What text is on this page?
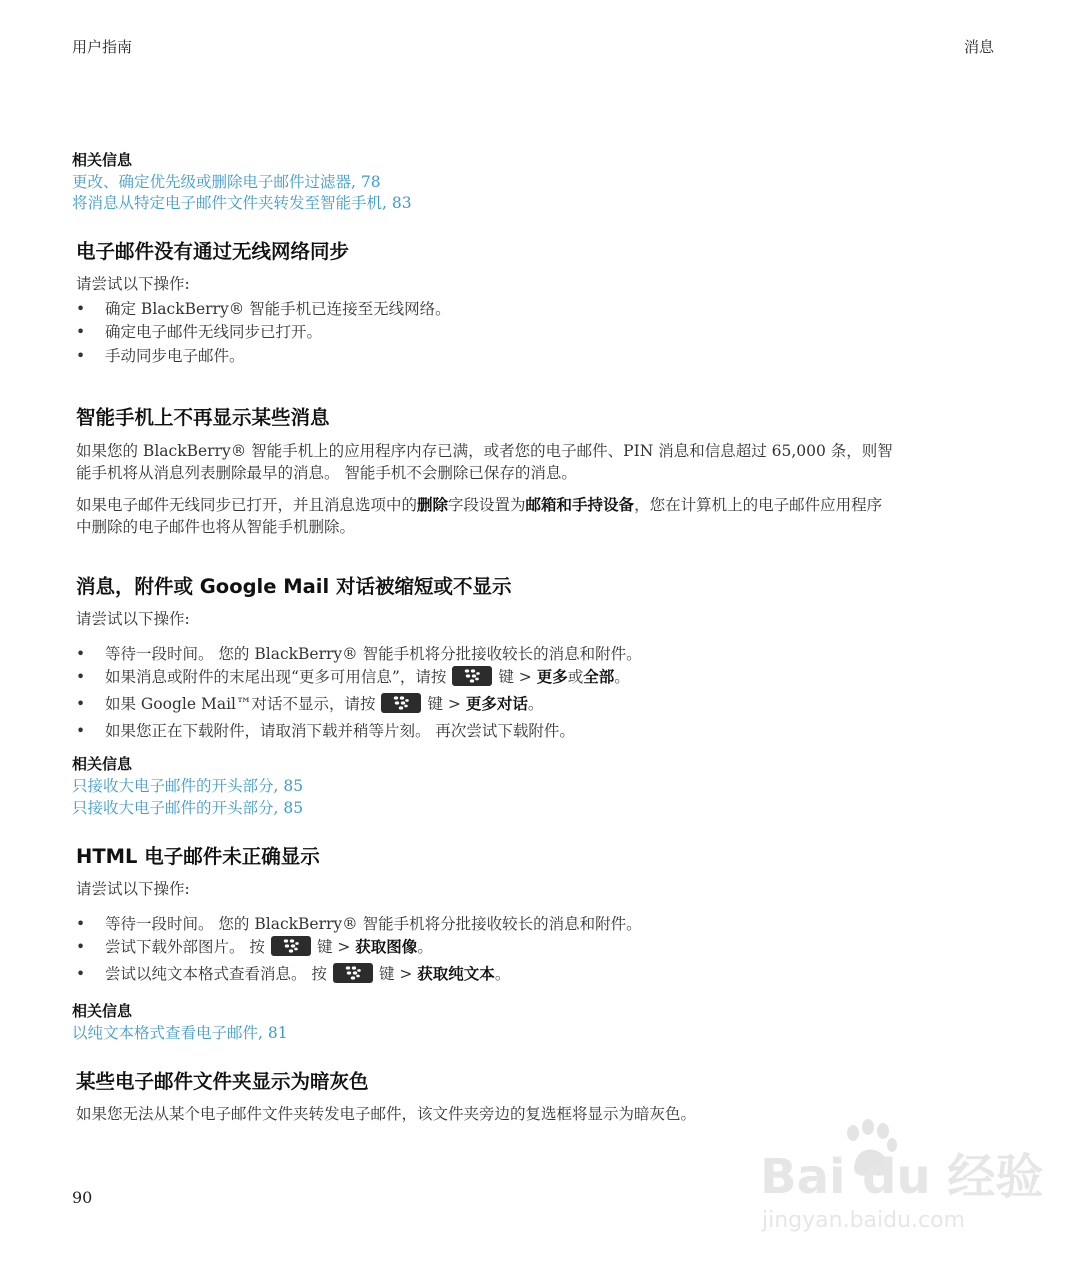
用户指南	消息
相关信息
更改、确定优先级或删除电子邮件过滤器, 78
将消息从特定电子邮件文件夹转发至智能手机, 83
电子邮件没有通过无线网络同步
请尝试以下操作:
• 确定 BlackBerry® 智能手机已连接至无线网络。
• 确定电子邮件无线同步已打开。
• 手动同步电子邮件。
智能手机上不再显示某些消息
如果您的 BlackBerry® 智能手机上的应用程序内存已满，或者您的电子邮件、PIN 消息和信息超过 65,000 条，则智
能手机将从消息列表删除最早的消息。 智能手机不会删除已保存的消息。
如果电子邮件无线同步已打开，并且消息选项中的删除字段设置为邮箱和手持设备，您在计算机上的电子邮件应用程序
中删除的电子邮件也将从智能手机删除。
消息，附件或 Google Mail 对话被缩短或不显示
请尝试以下操作:
• 等待一段时间。 您的 BlackBerry® 智能手机将分批接收较长的消息和附件。
• 如果消息或附件的末尾出现“更多可用信息”，请按	键 > 更多或全部。
• 如果 Google Mail™对话不显示，请按	键 > 更多对话。
• 如果您正在下载附件，请取消下载并稍等片刻。 再次尝试下载附件。
相关信息
只接收大电子邮件的开头部分, 85
只接收大电子邮件的开头部分, 85
HTML 电子邮件未正确显示
请尝试以下操作:
• 等待一段时间。 您的 BlackBerry® 智能手机将分批接收较长的消息和附件。
• 尝试下载外部图片。 按	键 > 获取图像。
• 尝试以纯文本格式查看消息。 按	键 > 获取纯文本。
相关信息
以纯文本格式查看电子邮件, 81
某些电子邮件文件夹显示为暗灰色
如果您无法从某个电子邮件文件夹转发电子邮件，该文件夹旁边的复选框将显示为暗灰色。
90	Bai du 经验
jingyan.baidu.com
